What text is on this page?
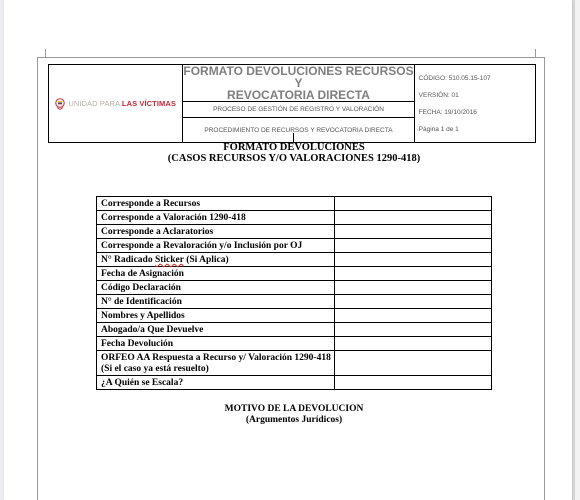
UNIDAD PARA LAS VÍCTIMAS

FORMATO DEVOLUCIONES RECURSOS Y
REVOCATORIA DIRECTA

CÓDIGO: 510.05.15-107
VERSIÓN: 01
FECHA: 19/10/2016
Página 1 de 1

PROCESO DE GESTIÓN DE REGISTRO Y VALORACIÓN
PROCEDIMIENTO DE RECURSOS Y REVOCATORIA DIRECTA
FORMATO DEVOLUCIONES
(CASOS RECURSOS Y/O VALORACIONES 1290-418)
Corresponde a Recursos	
Corresponde a Valoración 1290-418	
Corresponde a Aclaratorios	
Corresponde a Revaloración y/o Inclusión por OJ	
N° Radicado Sticker (Si Aplica)	
Fecha de Asignación	
Código Declaración	
N° de Identificación	
Nombres y Apellidos	
Abogado/a Que Devuelve	
Fecha Devolución	

ORFEO AA Respuesta a Recurso y/ Valoración 1290-418
(Si el caso ya está resuelto)	

¿A Quién se Escala?	
MOTIVO DE LA DEVOLUCION
(Argumentos Jurídicos)
